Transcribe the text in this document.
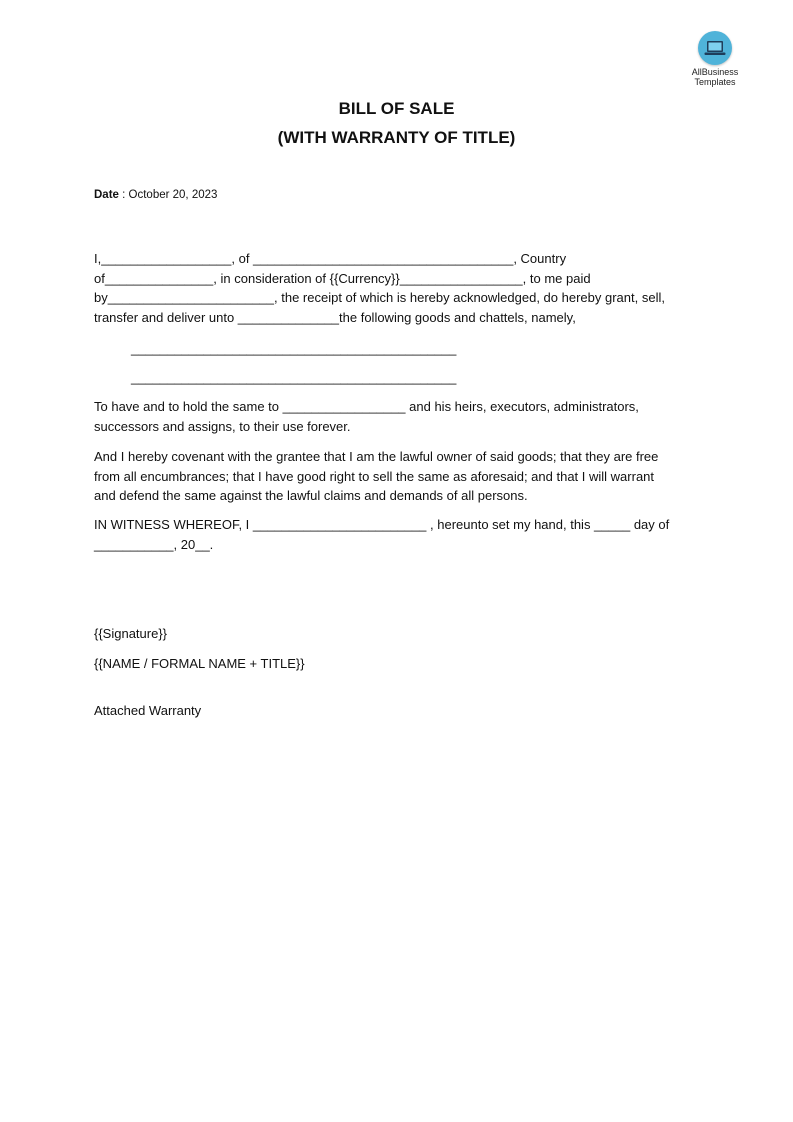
AllBusiness
Templates
BILL OF SALE
(WITH WARRANTY OF TITLE)
Date : October 20, 2023
I,__________________, of ____________________________________, Country
of_______________, in consideration of {{Currency}}_________________, to me paid
by_______________________, the receipt of which is hereby acknowledged, do hereby grant, sell,
transfer and deliver unto ______________the following goods and chattels, namely,
_____________________________________________
_____________________________________________
To have and to hold the same to _________________ and his heirs, executors, administrators,
successors and assigns, to their use forever.
And I hereby covenant with the grantee that I am the lawful owner of said goods; that they are free
from all encumbrances; that I have good right to sell the same as aforesaid; and that I will warrant
and defend the same against the lawful claims and demands of all persons.
IN WITNESS WHEREOF, I ________________________ , hereunto set my hand, this _____ day of
___________, 20__.
{{Signature}}
{{NAME / FORMAL NAME + TITLE}}
Attached Warranty
